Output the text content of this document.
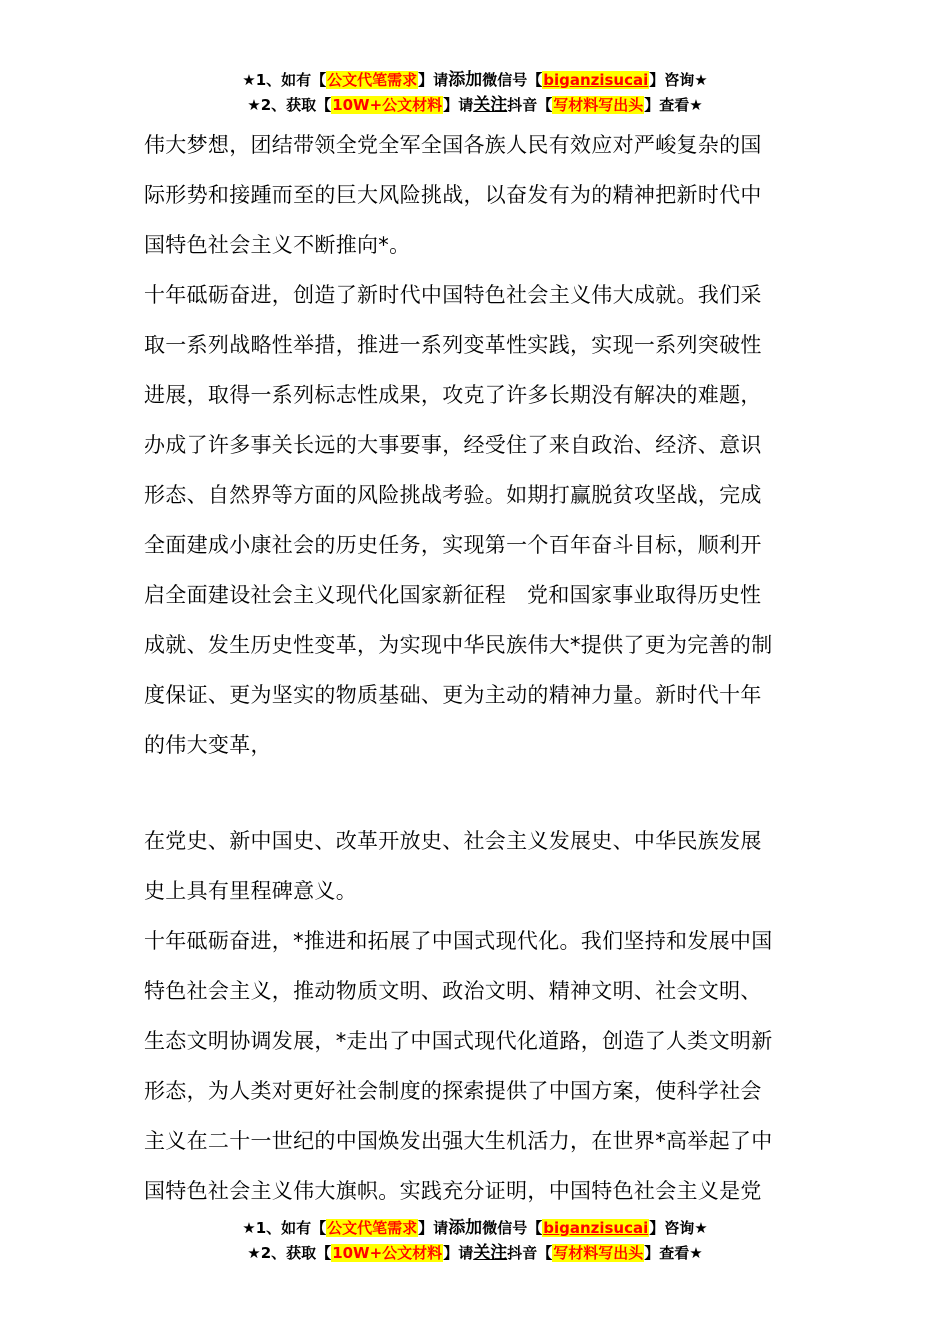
★1、如有【公文代笔需求】请添加微信号【biganzisucai】咨询★
★2、获取【10W+公文材料】请关注抖音【写材料写出头】查看★

伟大梦想，团结带领全党全军全国各族人民有效应对严峻复杂的国

际形势和接踵而至的巨大风险挑战，以奋发有为的精神把新时代中

国特色社会主义不断推向*。

十年砥砺奋进，创造了新时代中国特色社会主义伟大成就。我们采

取一系列战略性举措，推进一系列变革性实践，实现一系列突破性

进展，取得一系列标志性成果，攻克了许多长期没有解决的难题，

办成了许多事关长远的大事要事，经受住了来自政治、经济、意识

形态、自然界等方面的风险挑战考验。如期打赢脱贫攻坚战，完成

全面建成小康社会的历史任务，实现第一个百年奋斗目标，顺利开

启全面建设社会主义现代化国家新征程   党和国家事业取得历史性

成就、发生历史性变革，为实现中华民族伟大*提供了更为完善的制

度保证、更为坚实的物质基础、更为主动的精神力量。新时代十年

的伟大变革，

在党史、新中国史、改革开放史、社会主义发展史、中华民族发展

史上具有里程碑意义。

十年砥砺奋进，*推进和拓展了中国式现代化。我们坚持和发展中国

特色社会主义，推动物质文明、政治文明、精神文明、社会文明、

生态文明协调发展，*走出了中国式现代化道路，创造了人类文明新

形态，为人类对更好社会制度的探索提供了中国方案，使科学社会

主义在二十一世纪的中国焕发出强大生机活力，在世界*高举起了中

国特色社会主义伟大旗帜。实践充分证明，中国特色社会主义是党

★1、如有【公文代笔需求】请添加微信号【biganzisucai】咨询★
★2、获取【10W+公文材料】请关注抖音【写材料写出头】查看★
